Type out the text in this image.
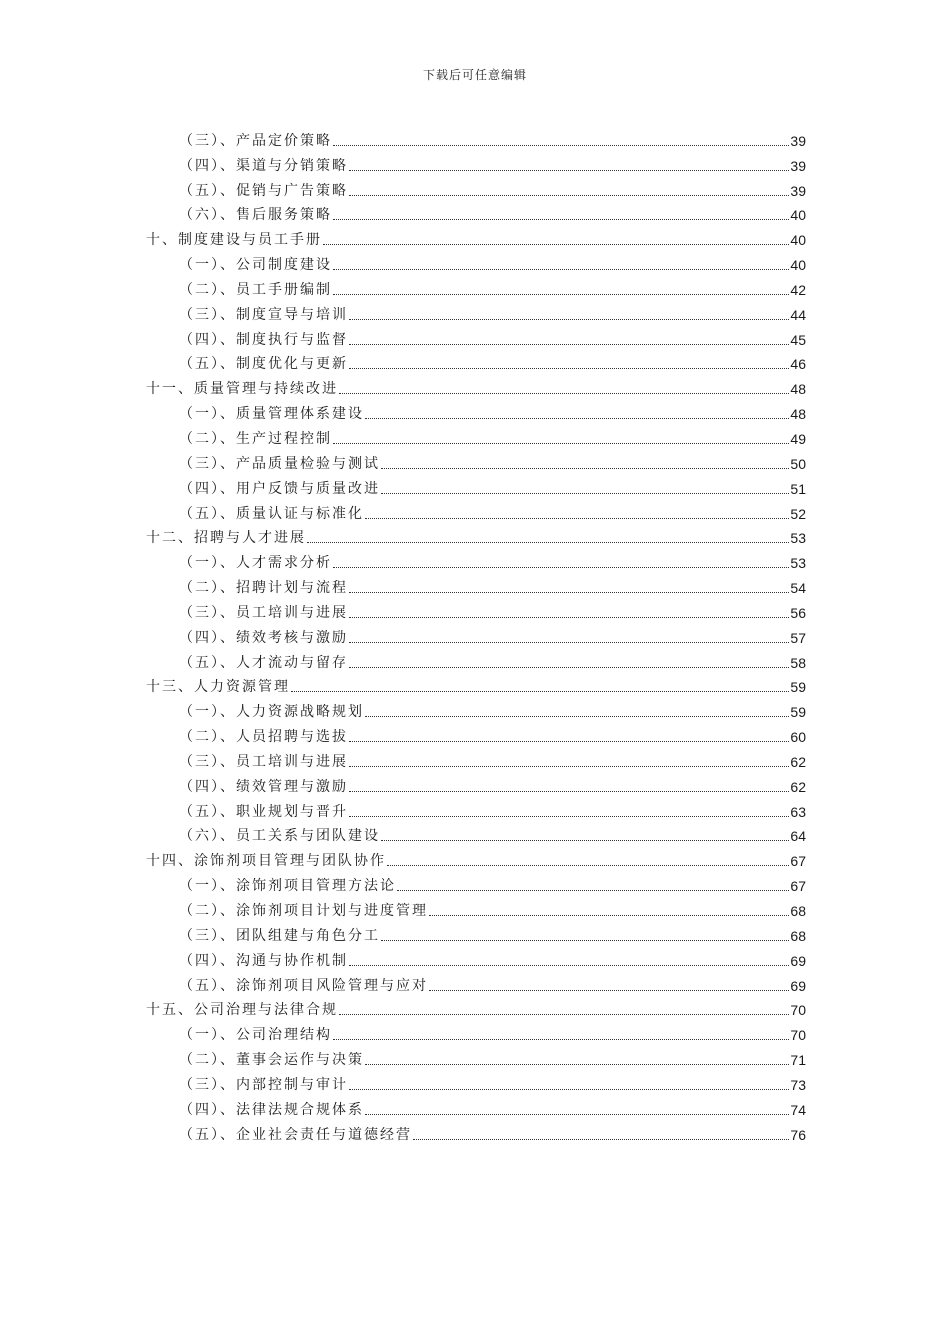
下载后可任意编辑
（三）、产品定价策略	39
（四）、渠道与分销策略	39
（五）、促销与广告策略	39
（六）、售后服务策略	40
十、制度建设与员工手册	40
（一）、公司制度建设	40
（二）、员工手册编制	42
（三）、制度宣导与培训	44
（四）、制度执行与监督	45
（五）、制度优化与更新	46
十一、质量管理与持续改进	48
（一）、质量管理体系建设	48
（二）、生产过程控制	49
（三）、产品质量检验与测试	50
（四）、用户反馈与质量改进	51
（五）、质量认证与标准化	52
十二、招聘与人才进展	53
（一）、人才需求分析	53
（二）、招聘计划与流程	54
（三）、员工培训与进展	56
（四）、绩效考核与激励	57
（五）、人才流动与留存	58
十三、人力资源管理	59
（一）、人力资源战略规划	59
（二）、人员招聘与选拔	60
（三）、员工培训与进展	62
（四）、绩效管理与激励	62
（五）、职业规划与晋升	63
（六）、员工关系与团队建设	64
十四、涂饰剂项目管理与团队协作	67
（一）、涂饰剂项目管理方法论	67
（二）、涂饰剂项目计划与进度管理	68
（三）、团队组建与角色分工	68
（四）、沟通与协作机制	69
（五）、涂饰剂项目风险管理与应对	69
十五、公司治理与法律合规	70
（一）、公司治理结构	70
（二）、董事会运作与决策	71
（三）、内部控制与审计	73
（四）、法律法规合规体系	74
（五）、企业社会责任与道德经营	76
